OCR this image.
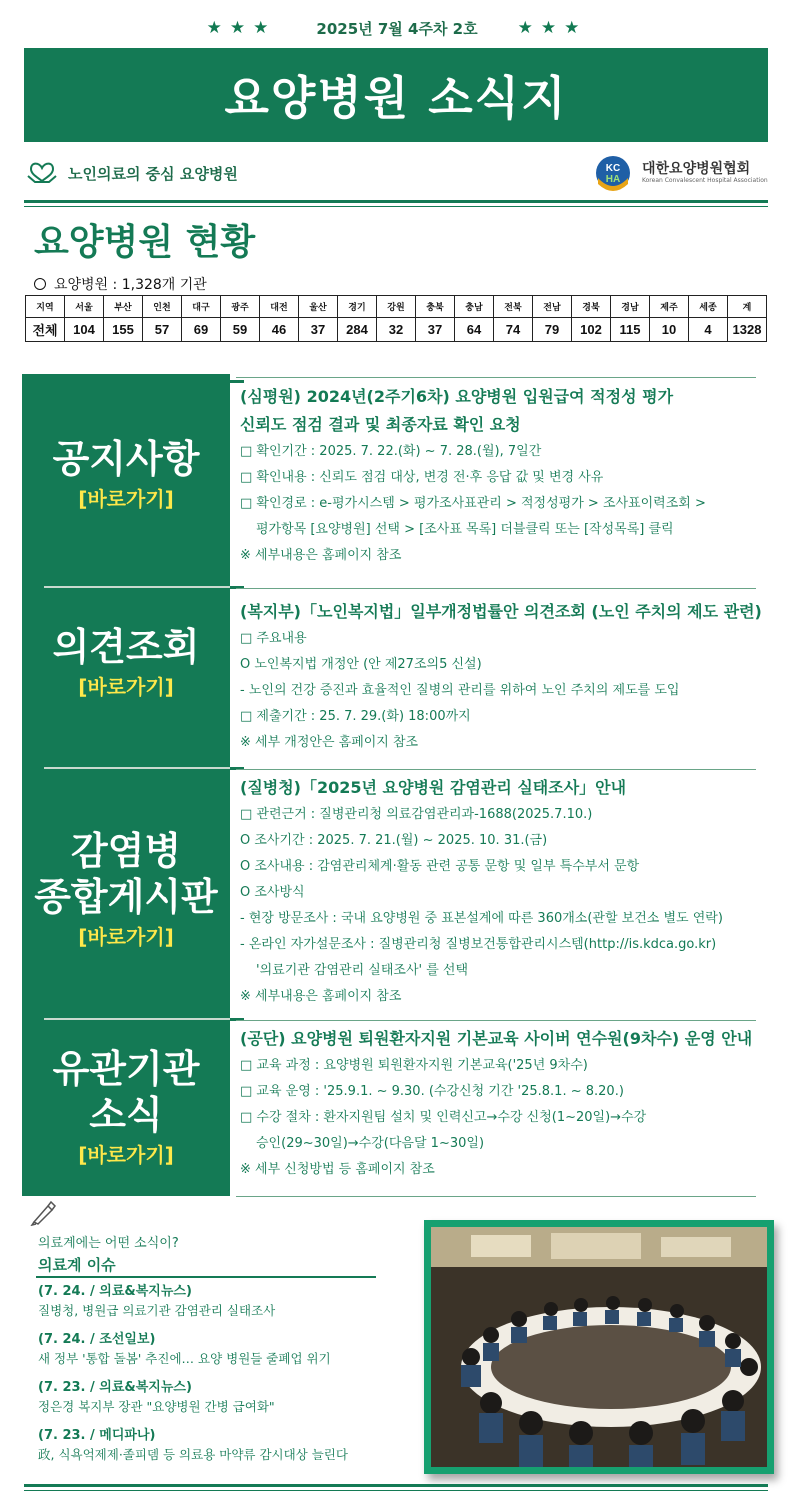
★★★	2025년 7월 4주차 2호 ★★★
요양병원 소식지
노인의료의 중심 요양병원	KC
HA
대한요양병원협회
Korean Convalescent Hospital Association
요양병원 현황
요양병원 : 1,328개 기관
지역	서울	부산	인천	대구	광주	대전	울산	경기	강원	충북	충남	전북	전남	경북	경남	제주	세종	계
전체	104	155	57	69	59	46	37	284	32	37	64	74	79	102	115	10	4	1328
공지사항
[바로가기]
의견조회
[바로가기]
감염병
종합게시판
[바로가기]
유관기관
소식
[바로가기]
(심평원) 2024년(2주기6차) 요양병원 입원급여 적정성 평가
신뢰도 점검 결과 및 최종자료 확인 요청
□ 확인기간 : 2025. 7. 22.(화) ~ 7. 28.(월), 7일간
□ 확인내용 : 신뢰도 점검 대상, 변경 전·후 응답 값 및 변경 사유
□ 확인경로 : e-평가시스템 > 평가조사표관리 > 적정성평가 > 조사표이력조회 >
평가항목 [요양병원] 선택 > [조사표 목록] 더블클릭 또는 [작성목록] 클릭
※ 세부내용은 홈페이지 참조
(복지부)「노인복지법」일부개정법률안 의견조회 (노인 주치의 제도 관련)
□ 주요내용
O 노인복지법 개정안 (안 제27조의5 신설)
- 노인의 건강 증진과 효율적인 질병의 관리를 위하여 노인 주치의 제도를 도입
□ 제출기간 : 25. 7. 29.(화) 18:00까지
※ 세부 개정안은 홈페이지 참조
(질병청)「2025년 요양병원 감염관리 실태조사」안내
□ 관련근거 : 질병관리청 의료감염관리과-1688(2025.7.10.)
O 조사기간 : 2025. 7. 21.(월) ~ 2025. 10. 31.(금)
O 조사내용 : 감염관리체계·활동 관련 공통 문항 및 일부 특수부서 문항
O 조사방식
- 현장 방문조사 : 국내 요양병원 중 표본설계에 따른 360개소(관할 보건소 별도 연락)
- 온라인 자가설문조사 : 질병관리청 질병보건통합관리시스템(http://is.kdca.go.kr)
'의료기관 감염관리 실태조사' 를 선택
※ 세부내용은 홈페이지 참조
(공단) 요양병원 퇴원환자지원 기본교육 사이버 연수원(9차수) 운영 안내
□ 교육 과정 : 요양병원 퇴원환자지원 기본교육('25년 9차수)
□ 교육 운영 : '25.9.1. ~ 9.30. (수강신청 기간 '25.8.1. ~ 8.20.)
□ 수강 절차 : 환자지원팀 설치 및 인력신고→수강 신청(1~20일)→수강
승인(29~30일)→수강(다음달 1~30일)
※ 세부 신청방법 등 홈페이지 참조
의료계에는 어떤 소식이?
의료계 이슈
(7. 24. / 의료&복지뉴스)
질병청, 병원급 의료기관 감염관리 실태조사
(7. 24. / 조선일보)
새 정부 '통합 돌봄' 추진에… 요양 병원들 줄폐업 위기
(7. 23. / 의료&복지뉴스)
정은경 복지부 장관 "요양병원 간병 급여화"
(7. 23. / 메디파나)
政, 식욕억제제·졸피뎀 등 의료용 마약류 감시대상 늘린다
